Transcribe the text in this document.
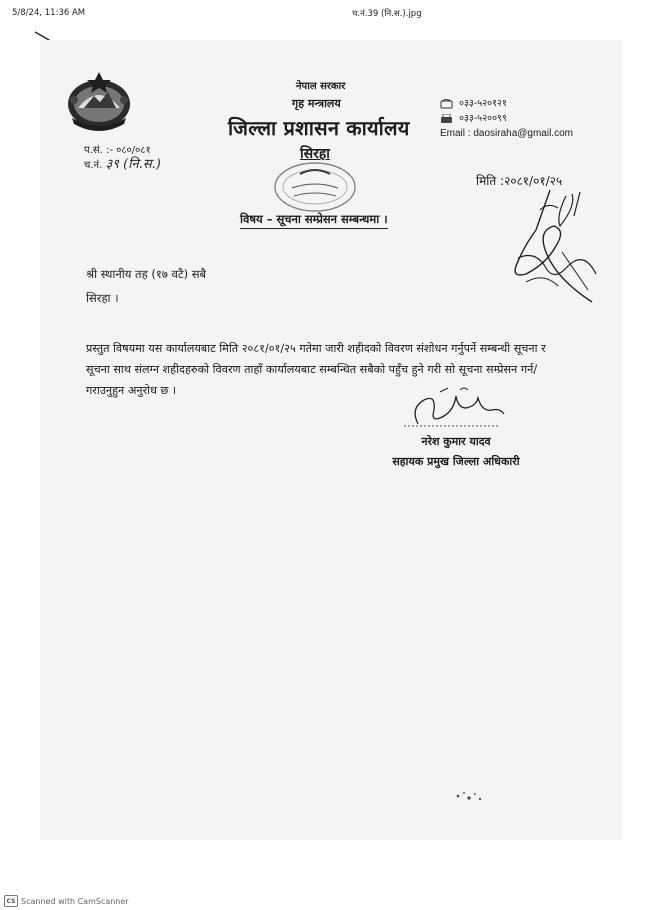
5/8/24, 11:36 AM	च.नं.39 (नि.स.).jpg
नेपाल सरकार
गृह मन्त्रालय
जिल्ला प्रशासन कार्यालय
सिरहा
०३३-५२०१२१
०३३-५२००९९
Email : daosiraha@gmail.com
प.सं. :- ०८०/०८१
च.नं. ३९ (नि.स.)
मिति :२०८१/०१/२५
विषय – सूचना सम्प्रेसन सम्बन्धमा ।
श्री स्थानीय तह (१७ वटै) सबै
सिरहा ।
प्रस्तुत विषयमा यस कार्यालयबाट मिति २०८१/०१/२५ गतेमा जारी शहीदको विवरण संशोधन गर्नुपर्ने सम्बन्धी सूचना र सूचना साथ संलग्न शहीदहरुको विवरण ताहाँ कार्यालयबाट सम्बन्धित सबैको पहुँच हुने गरी सो सूचना सम्प्रेसन गर्न/गराउनुहुन अनुरोध छ ।
नरेश कुमार यादव
सहायक प्रमुख जिल्ला अधिकारी
CS Scanned with CamScanner
